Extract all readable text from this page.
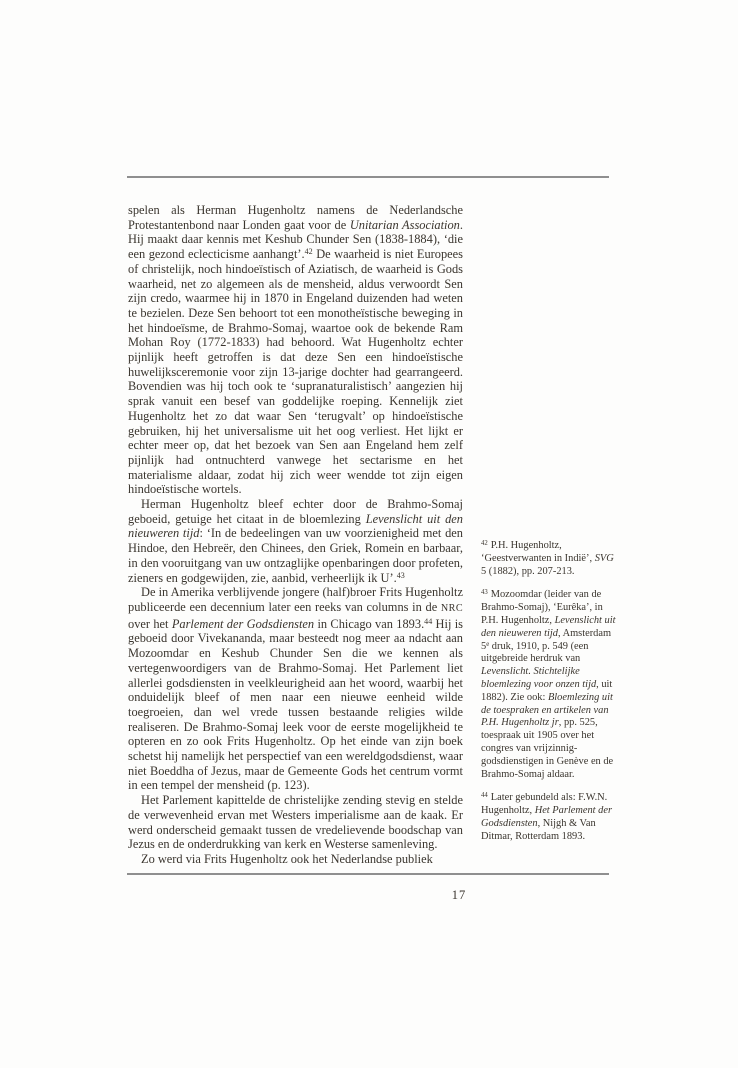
spelen als Herman Hugenholtz namens de Nederlandsche Protestantenbond naar Londen gaat voor de Unitarian Association. Hij maakt daar kennis met Keshub Chunder Sen (1838-1884), ‘die een gezond eclecticisme aanhangt’.$^{42}$ De waarheid is niet Europees of christelijk, noch hindoeïstisch of Aziatisch, de waarheid is Gods waarheid, net zo algemeen als de mensheid, aldus verwoordt Sen zijn credo, waarmee hij in 1870 in Engeland duizenden had weten te bezielen. Deze Sen behoort tot een monotheïstische beweging in het hindoeïsme, de Brahmo-Somaj, waartoe ook de bekende Ram Mohan Roy (1772-1833) had behoord. Wat Hugenholtz echter pijnlijk heeft getroffen is dat deze Sen een hindoeïstische huwelijksceremonie voor zijn 13-jarige dochter had gearrangeerd. Bovendien was hij toch ook te ‘supranaturalistisch’ aangezien hij sprak vanuit een besef van goddelijke roeping. Kennelijk ziet Hugenholtz het zo dat waar Sen ‘terugvalt’ op hindoeïstische gebruiken, hij het universalisme uit het oog verliest. Het lijkt er echter meer op, dat het bezoek van Sen aan Engeland hem zelf pijnlijk had ontnuchterd vanwege het sectarisme en het materialisme aldaar, zodat hij zich weer wendde tot zijn eigen hindoeïstische wortels.

Herman Hugenholtz bleef echter door de Brahmo-Somaj geboeid, getuige het citaat in de bloemlezing Levenslicht uit den nieuweren tijd: ‘In de bedeelingen van uw voorzienigheid met den Hindoe, den Hebreër, den Chinees, den Griek, Romein en barbaar, in den vooruitgang van uw ontzaglijke openbaringen door profeten, zieners en godgewijden, zie, aanbid, verheerlijk ik U’.$^{43}$

De in Amerika verblijvende jongere (half)broer Frits Hugenholtz publiceerde een decennium later een reeks van columns in de NRC over het Parlement der Godsdiensten in Chicago van 1893.44 Hij is geboeid door Vivekananda, maar besteedt nog meer aa ndacht aan Mozoomdar en Keshub Chunder Sen die we kennen als vertegenwoordigers van de Brahmo-Somaj. Het Parlement liet allerlei godsdiensten in veelkleurigheid aan het woord, waarbij het onduidelijk bleef of men naar een nieuwe eenheid wilde toegroeien, dan wel vrede tussen bestaande religies wilde realiseren. De Brahmo-Somaj leek voor de eerste mogelijkheid te opteren en zo ook Frits Hugenholtz. Op het einde van zijn boek schetst hij namelijk het perspectief van een wereldgodsdienst, waar niet Boeddha of Jezus, maar de Gemeente Gods het centrum vormt in een tempel der mensheid (p. 123).

Het Parlement kapittelde de christelijke zending stevig en stelde de verwevenheid ervan met Westers imperialisme aan de kaak. Er werd onderscheid gemaakt tussen de vredelievende boodschap van Jezus en de onderdrukking van kerk en Westerse samenleving.

Zo werd via Frits Hugenholtz ook het Nederlandse publiek

$^{42}$ P.H. Hugenholtz, ‘Geestverwanten in Indië’, SVG 5 (1882), pp. 207-213.
$^{43}$ Mozoomdar (leider van de Brahmo-Somaj), ‘Eurêka’, in P.H. Hugenholtz, Levenslicht uit den nieuweren tijd, Amsterdam 5e druk, 1910, p. 549 (een uitgebreide herdruk van Levenslicht. Stichtelijke bloemlezing voor onzen tijd, uit 1882). Zie ook: Bloemlezing uit de toespraken en artikelen van P.H. Hugenholtz jr, pp. 525, toespraak uit 1905 over het congres van vrijzinnig-godsdienstigen in Genève en de Brahmo-Somaj aldaar.
$^{44}$ Later gebundeld als: F.W.N. Hugenholtz, Het Parlement der Godsdiensten, Nijgh & Van Ditmar, Rotterdam 1893.
17
